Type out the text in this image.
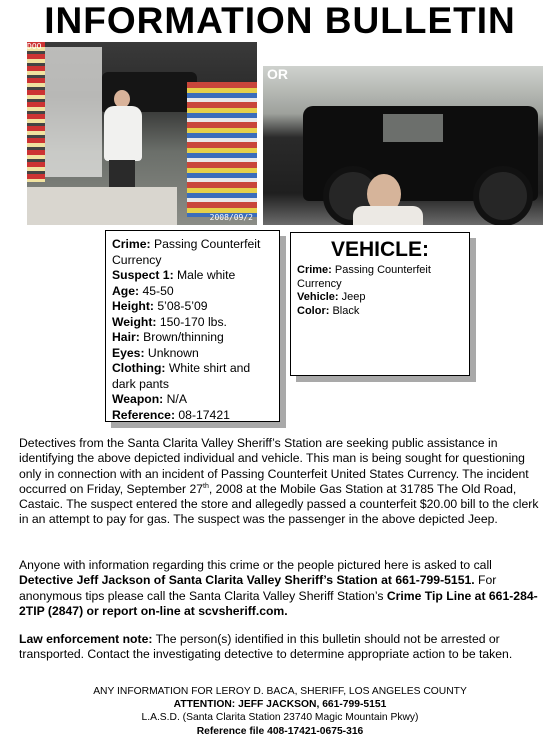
INFORMATION BULLETIN
DOO
2008/09/2
OR
Crime: Passing Counterfeit Currency
Suspect 1: Male white
Age: 45-50
Height: 5’08-5’09
Weight: 150-170 lbs.
Hair: Brown/thinning
Eyes: Unknown
Clothing: White shirt and dark pants
Weapon: N/A
Reference: 08-17421
VEHICLE:
Crime: Passing Counterfeit Currency
Vehicle: Jeep
Color: Black

Detectives from the Santa Clarita Valley Sheriff’s Station are seeking public assistance in identifying the above depicted individual and vehicle. This man is being sought for questioning only in connection with an incident of Passing Counterfeit United States Currency. The incident occurred on Friday, September 27th, 2008 at the Mobile Gas Station at 31785 The Old Road, Castaic. The suspect entered the store and allegedly passed a counterfeit $20.00 bill to the clerk in an attempt to pay for gas. The suspect was the passenger in the above depicted Jeep.

Anyone with information regarding this crime or the people pictured here is asked to call Detective Jeff Jackson of Santa Clarita Valley Sheriff’s Station at 661-799-5151. For anonymous tips please call the Santa Clarita Valley Sheriff Station’s Crime Tip Line at 661-284-2TIP (2847) or report on-line at scvsheriff.com.

Law enforcement note: The person(s) identified in this bulletin should not be arrested or transported. Contact the investigating detective to determine appropriate action to be taken.

ANY INFORMATION FOR LEROY D. BACA, SHERIFF, LOS ANGELES COUNTY
ATTENTION: JEFF JACKSON, 661-799-5151
L.A.S.D. (Santa Clarita Station 23740 Magic Mountain Pkwy)
Reference file 408-17421-0675-316
